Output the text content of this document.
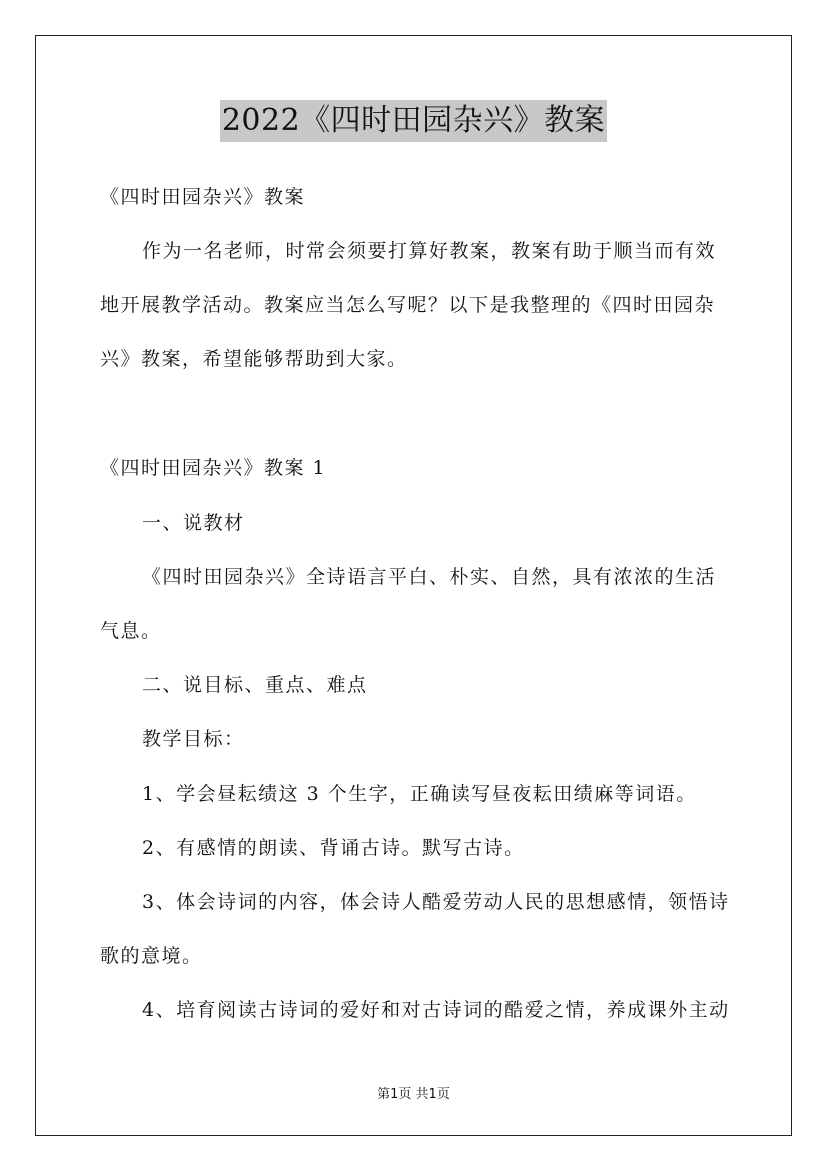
2022《四时田园杂兴》教案
《四时田园杂兴》教案
作为一名老师，时常会须要打算好教案，教案有助于顺当而有效
地开展教学活动。教案应当怎么写呢？以下是我整理的《四时田园杂
兴》教案，希望能够帮助到大家。
《四时田园杂兴》教案 1
一、说教材
《四时田园杂兴》全诗语言平白、朴实、自然，具有浓浓的生活
气息。
二、说目标、重点、难点
教学目标：
1、学会昼耘绩这 3 个生字，正确读写昼夜耘田绩麻等词语。
2、有感情的朗读、背诵古诗。默写古诗。
3、体会诗词的内容，体会诗人酷爱劳动人民的思想感情，领悟诗
歌的意境。
4、培育阅读古诗词的爱好和对古诗词的酷爱之情，养成课外主动
第1页 共1页
